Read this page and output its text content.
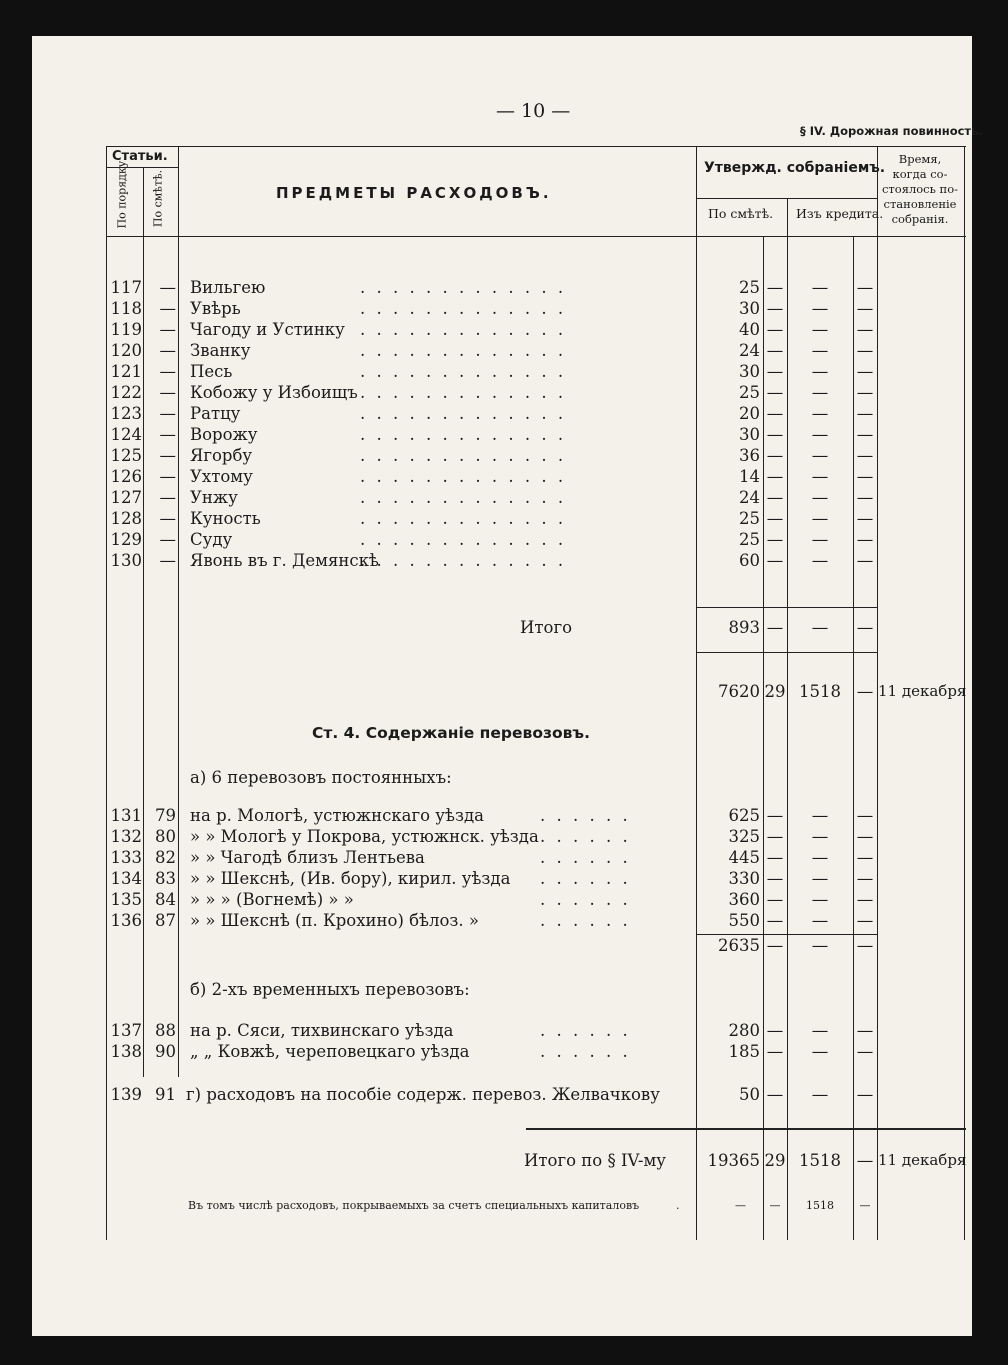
— 10 —
§ IV. Дорожная повинность.
Статьи.
По порядку. По смѣтѣ.	ПРЕДМЕТЫ РАСХОДОВЪ.
Утвержд. собраніемъ.
По смѣтѣ. Изъ кредита.
Время, когда со- стоялось по- становленіе собранія.
117	— Вильгею	25 —	—	—
. . . . . . . . . . . . .
118	— Увѣрь	30 —	—	—
. . . . . . . . . . . . .
119	— Чагоду и Устинку	40 —	—	—
. . . . . . . . . . . . .
120	— Званку	24 —	—	—
. . . . . . . . . . . . .
121	— Песь	30 —	—	—
. . . . . . . . . . . . .
122	— Кобожу у Избоищъ	25 —	—	—
. . . . . . . . . . . . .
123	— Ратцу	20 —	—	—
. . . . . . . . . . . . .
124	— Ворожу	30 —	—	—
. . . . . . . . . . . . .
125	— Ягорбу	36 —	—	—
. . . . . . . . . . . . .
126	— Ухтому	14 —	—	—
. . . . . . . . . . . . .
127	— Унжу	24 —	—	—
. . . . . . . . . . . . .
128	— Куность	25 —	—	—
. . . . . . . . . . . . .
129	— Суду	25 —	—	—
. . . . . . . . . . . . .
130	— Явонь въ г. Демянскѣ	60 —	—	—
. . . . . . . . . . . . .
Итого	893 —	—	—
7620 29 1518 — 11 декабря
Ст. 4. Содержаніе перевозовъ.
а) 6 перевозовъ постоянныхъ:
131 79 на р. Мологѣ, устюжнскаго уѣзда	625 —	—	—
. . . . . .
132 80 » » Мологѣ у Покрова, устюжнск. уѣзда	325 —	—	—
. . . . . .
133 82 » » Чагодѣ близъ Лентьева	445 —	—	—
. . . . . .
134 83 » » Шекснѣ, (Ив. бору), кирил. уѣзда	330 —	—	—
. . . . . .
135 84 » » » (Вогнемѣ) » »	360 —	—	—
. . . . . .
136 87 » » Шекснѣ (п. Крохино) бѣлоз. »	550 —	—	—
. . . . . .
2635 —	—	—
б) 2-хъ временныхъ перевозовъ:
137 88 на р. Сяси, тихвинскаго уѣзда	280 —	—	—
. . . . . .
138 90 „ „ Ковжѣ, череповецкаго уѣзда	185 —	—	—
. . . . . .
139 91 г) расходовъ на пособіе содерж. перевоз. Желвачкову	50 —	—	—
Итого по § IV-му	19365 29 1518 — 11 декабря
Въ томъ числѣ расходовъ, покрываемыхъ за счетъ специальныхъ капиталовъ	.	—	—	1518	—
